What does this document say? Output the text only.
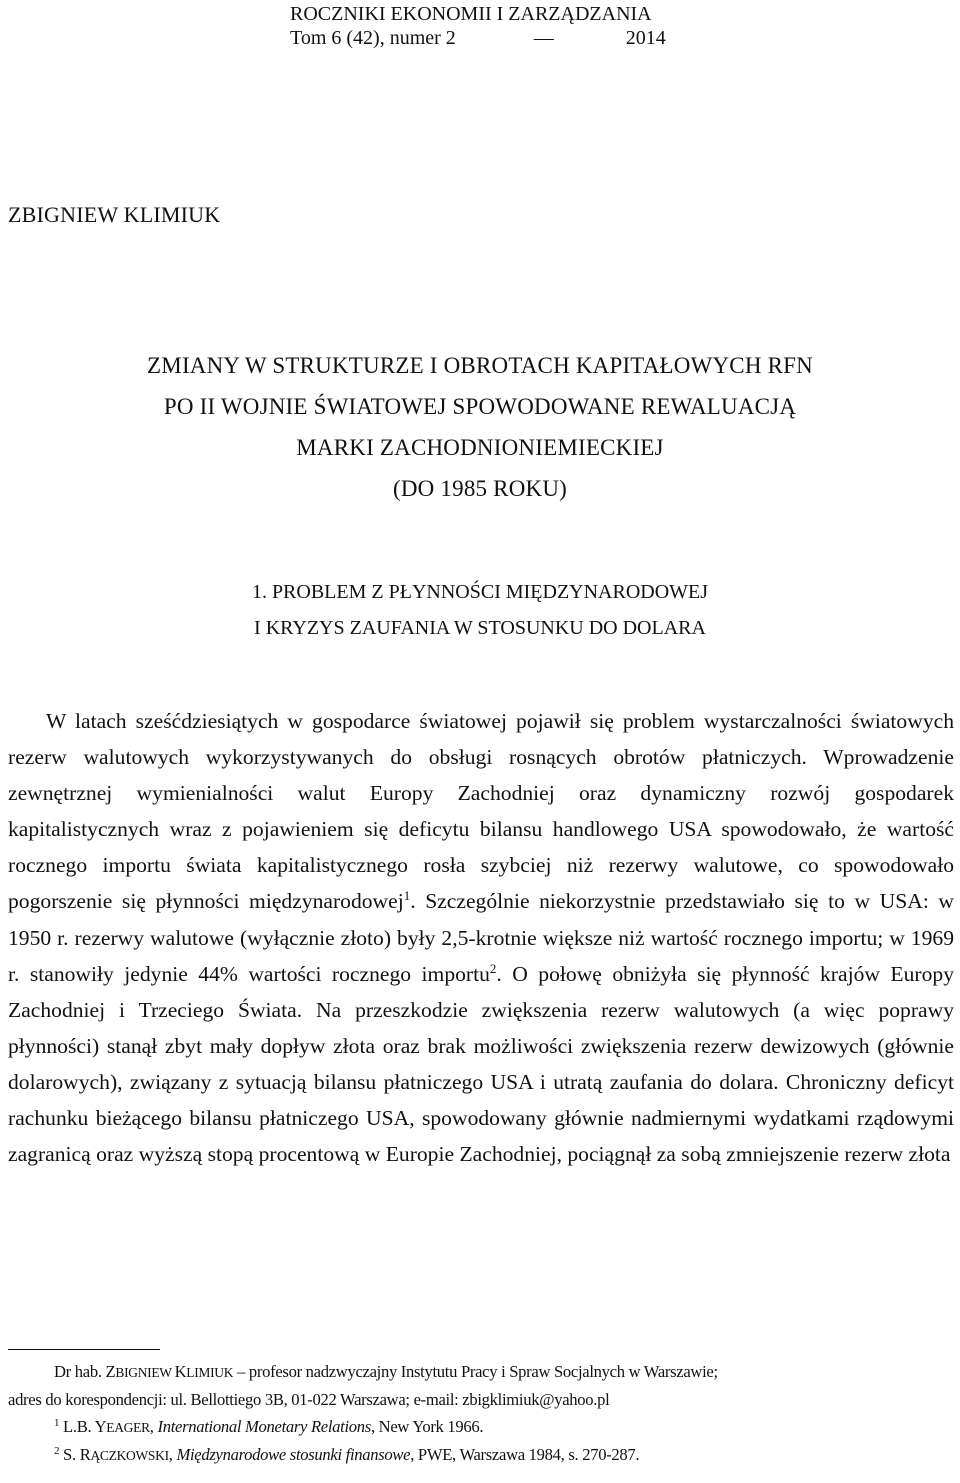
ROCZNIKI EKONOMII I ZARZĄDZANIA
Tom 6 (42), numer 2	—	2014
ZBIGNIEW KLIMIUK
ZMIANY W STRUKTURZE I OBROTACH KAPITAŁOWYCH RFN
PO II WOJNIE ŚWIATOWEJ SPOWODOWANE REWALUACJĄ
MARKI ZACHODNIONIEMIECKIEJ
(DO 1985 ROKU)
1. PROBLEM Z PŁYNNOŚCI MIĘDZYNARODOWEJ
I KRYZYS ZAUFANIA W STOSUNKU DO DOLARA

W latach sześćdziesiątych w gospodarce światowej pojawił się problem wystarczalności światowych rezerw walutowych wykorzystywanych do obsługi rosnących obrotów płatniczych. Wprowadzenie zewnętrznej wymienialności walut Europy Zachodniej oraz dynamiczny rozwój gospodarek kapitalistycznych wraz z pojawieniem się deficytu bilansu handlowego USA spowodowało, że wartość rocznego importu świata kapitalistycznego rosła szybciej niż rezerwy walutowe, co spowodowało pogorszenie się płynności międzynarodowej$^1$. Szczególnie niekorzystnie przedstawiało się to w USA: w 1950 r. rezerwy walutowe (wyłącznie złoto) były 2,5-krotnie większe niż wartość rocznego importu; w 1969 r. stanowiły jedynie 44% wartości rocznego importu$^2$. O połowę obniżyła się płynność krajów Europy Zachodniej i Trzeciego Świata. Na przeszkodzie zwiększenia rezerw walutowych (a więc poprawy płynności) stanął zbyt mały dopływ złota oraz brak możliwości zwiększenia rezerw dewizowych (głównie dolarowych), związany z sytuacją bilansu płatniczego USA i utratą zaufania do dolara. Chroniczny deficyt rachunku bieżącego bilansu płatniczego USA, spowodowany głównie nadmiernymi wydatkami rządowymi zagranicą oraz wyższą stopą procentową w Europie Zachodniej, pociągnął za sobą zmniejszenie rezerw złota

Dr hab. ZBIGNIEW KLIMIUK – profesor nadzwyczajny Instytutu Pracy i Spraw Socjalnych w Warszawie;
adres do korespondencji: ul. Bellottiego 3B, 01-022 Warszawa; e-mail: zbigklimiuk@yahoo.pl
$^1$ L.B. YEAGER, International Monetary Relations, New York 1966.
$^2$ S. RĄCZKOWSKI, Międzynarodowe stosunki finansowe, PWE, Warszawa 1984, s. 270-287.
